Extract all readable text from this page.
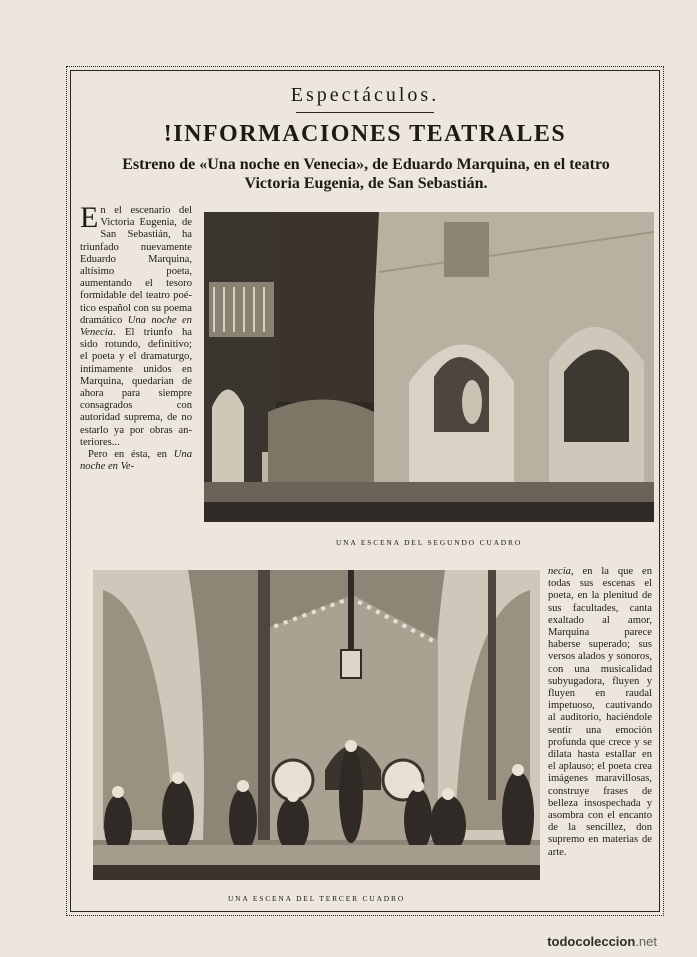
Espectáculos.
!INFORMACIONES TEATRALES
Estreno de «Una noche en Venecia», de Eduardo Marquina, en el teatro
Victoria Eugenia, de San Sebastián.

En el escenario del Victoria Eugenia, de San Sebastián, ha triunfado nuevamente Eduardo Marquina, altísimo poeta, aumentando el tesoro formidable del teatro poético español con su poema dramático Una noche en Venecia. El triunfo ha sido rotundo, definitivo; el poeta y el dramaturgo, íntimamente unidos en Marquina, quedarían de ahora para siempre consagrados con autoridad suprema, de no estarlo ya por obras anteriores...

Pero en ésta, en Una noche en Ve-

UNA ESCENA DEL SEGUNDO CUADRO
UNA ESCENA DEL TERCER CUADRO

necia, en la que en todas sus escenas el poeta, en la plenitud de sus facultades, canta exaltado al amor, Marquina parece haberse superado; sus versos alados y sonoros, con una musicalidad subyugadora, fluyen y fluyen en raudal impetuoso, cautivando al auditorio, haciéndole sentir una emoción profunda que crece y se dilata hasta estallar en el aplauso; el poeta crea imágenes maravillosas, construye frases de belleza insospechada y asombra con el encanto de la sencillez, don supremo en materias de arte.

todocoleccion.net
